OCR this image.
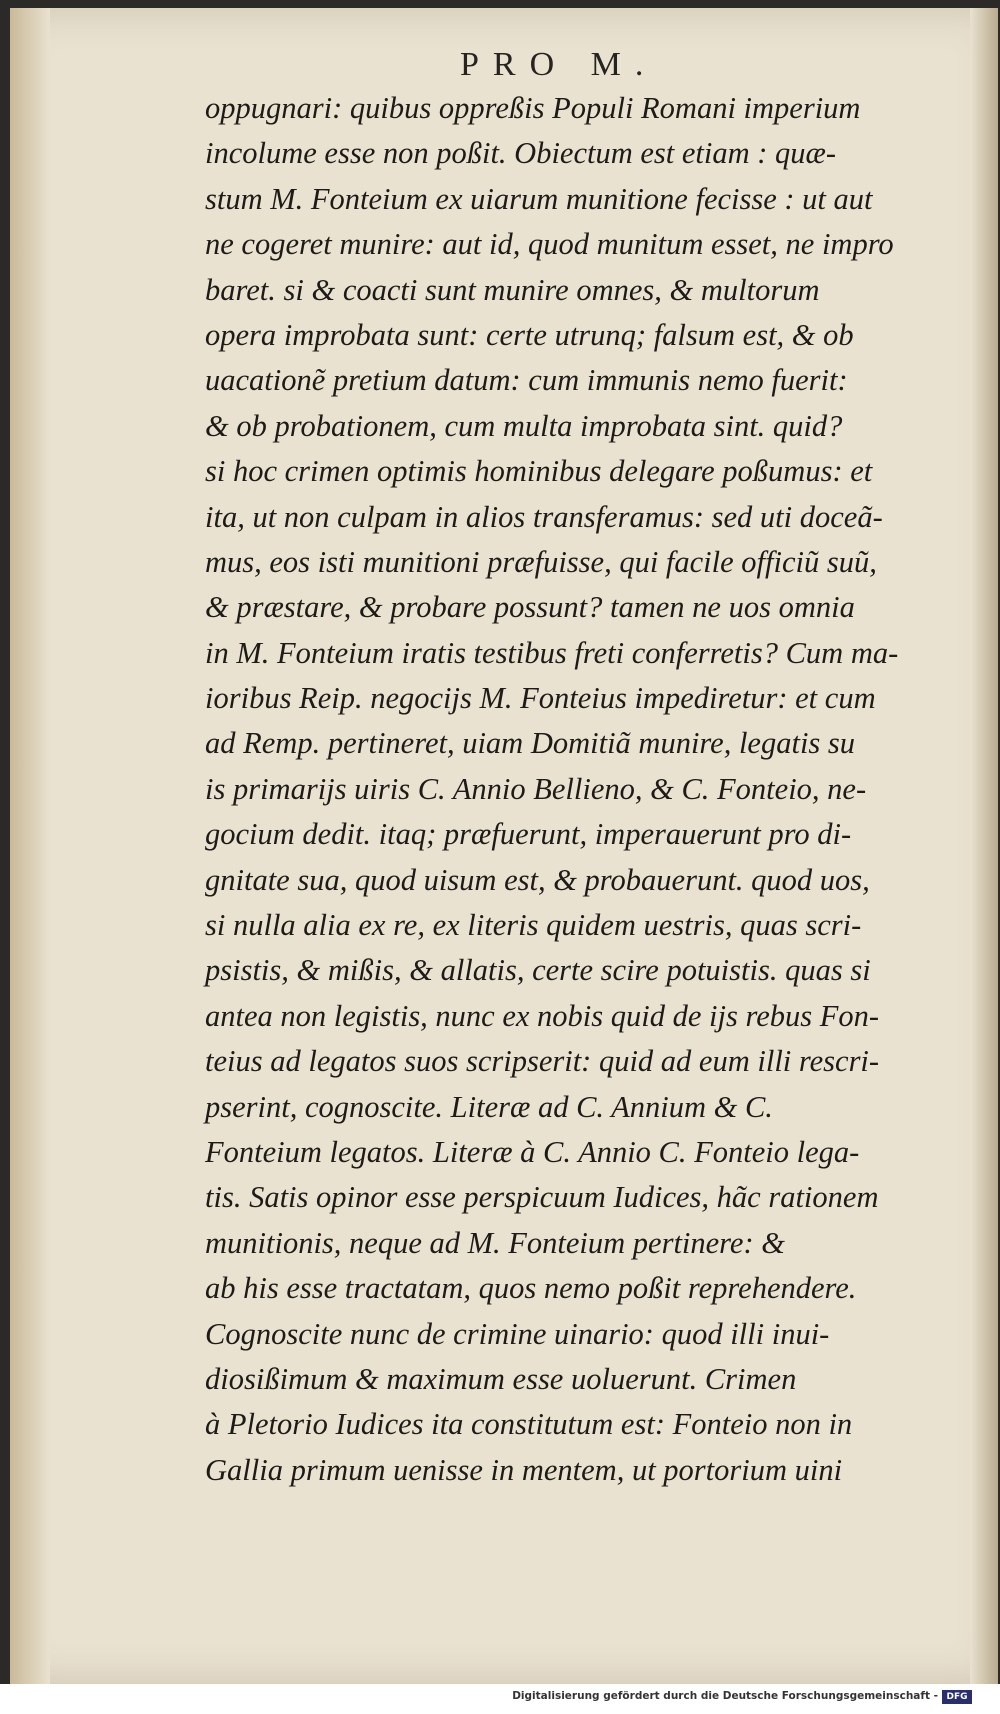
PRO M.
oppugnari: quibus oppreßis Populi Romani imperium
incolume esse non poßit. Obiectum est etiam : quæ-
stum M. Fonteium ex uiarum munitione fecisse : ut aut
ne cogeret munire: aut id, quod munitum esset, ne impro
baret. si & coacti sunt munire omnes, & multorum
opera improbata sunt: certe utrunq; falsum est, & ob
uacationẽ pretium datum: cum immunis nemo fuerit:
& ob probationem, cum multa improbata sint. quid?
si hoc crimen optimis hominibus delegare poßumus: et
ita, ut non culpam in alios transferamus: sed uti doceã-
mus, eos isti munitioni præfuisse, qui facile officiũ suũ,
& præstare, & probare possunt? tamen ne uos omnia
in M. Fonteium iratis testibus freti conferretis? Cum ma-
ioribus Reip. negocijs M. Fonteius impediretur: et cum
ad Remp. pertineret, uiam Domitiã munire, legatis su
is primarijs uiris C. Annio Bellieno, & C. Fonteio, ne-
gocium dedit. itaq; præfuerunt, imperauerunt pro di-
gnitate sua, quod uisum est, & probauerunt. quod uos,
si nulla alia ex re, ex literis quidem uestris, quas scri-
psistis, & mißis, & allatis, certe scire potuistis. quas si
antea non legistis, nunc ex nobis quid de ijs rebus Fon-
teius ad legatos suos scripserit: quid ad eum illi rescri-
pserint, cognoscite. Literæ ad C. Annium & C.
Fonteium legatos. Literæ à C. Annio C. Fonteio lega-
tis. Satis opinor esse perspicuum Iudices, hãc rationem
munitionis, neque ad M. Fonteium pertinere: &
ab his esse tractatam, quos nemo poßit reprehendere.
Cognoscite nunc de crimine uinario: quod illi inui-
diosißimum & maximum esse uoluerunt. Crimen
à Pletorio Iudices ita constitutum est: Fonteio non in
Gallia primum uenisse in mentem, ut portorium uini
Digitalisierung gefördert durch die Deutsche Forschungsgemeinschaft - DFG
